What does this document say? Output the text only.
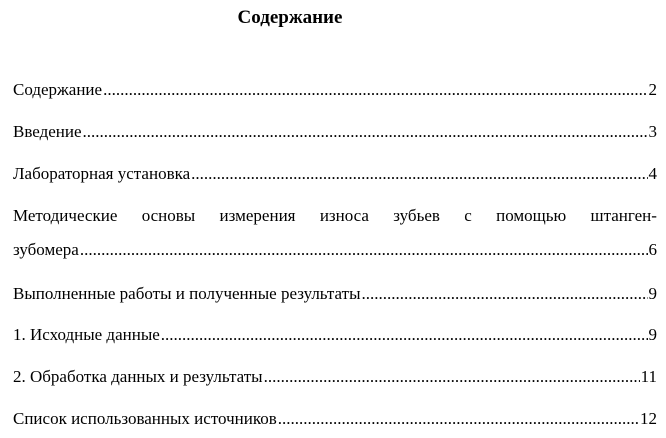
Содержание
Содержание .....	2
Введение .....	3
Лабораторная установка .....	4
Методические основы измерения износа зубьев с помощью штанген-
зубомера .....	6
Выполненные работы и полученные результаты .....	9
1. Исходные данные .....	9
2. Обработка данных и результаты .....	11
Список использованных источников .....	12
